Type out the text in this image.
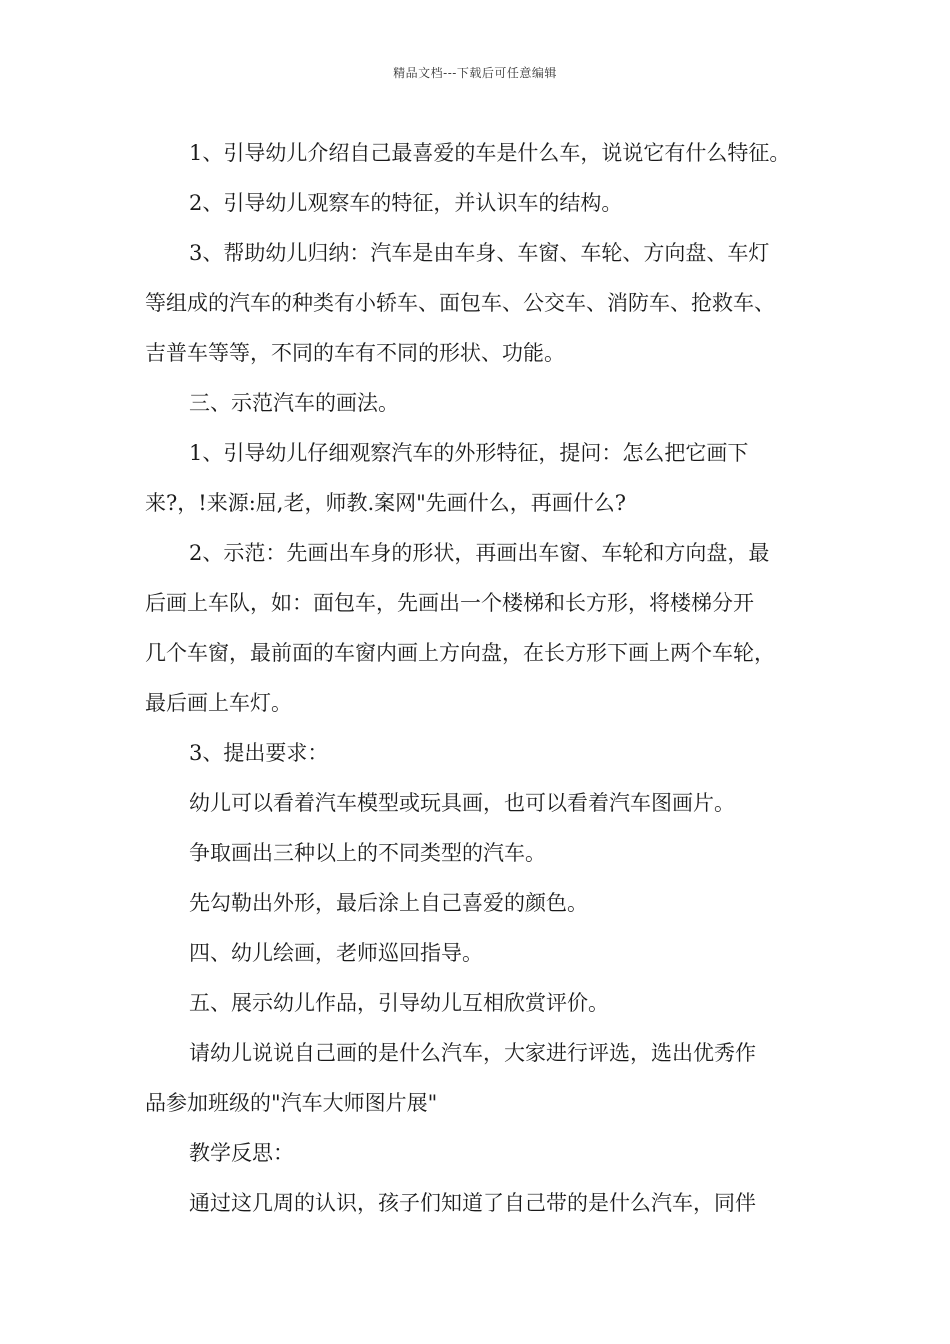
精品文档---下载后可任意编辑

1、引导幼儿介绍自己最喜爱的车是什么车，说说它有什么特征。

2、引导幼儿观察车的特征，并认识车的结构。

3、帮助幼儿归纳：汽车是由车身、车窗、车轮、方向盘、车灯

等组成的汽车的种类有小轿车、面包车、公交车、消防车、抢救车、

吉普车等等，不同的车有不同的形状、功能。

三、示范汽车的画法。

1、引导幼儿仔细观察汽车的外形特征，提问：怎么把它画下

来?，!来源:屈,老，师教.案网"先画什么，再画什么?

2、示范：先画出车身的形状，再画出车窗、车轮和方向盘，最

后画上车队，如：面包车，先画出一个楼梯和长方形，将楼梯分开

几个车窗，最前面的车窗内画上方向盘，在长方形下画上两个车轮，

最后画上车灯。

3、提出要求：

幼儿可以看着汽车模型或玩具画，也可以看着汽车图画片。

争取画出三种以上的不同类型的汽车。

先勾勒出外形，最后涂上自己喜爱的颜色。

四、幼儿绘画，老师巡回指导。

五、展示幼儿作品，引导幼儿互相欣赏评价。

请幼儿说说自己画的是什么汽车，大家进行评选，选出优秀作

品参加班级的"汽车大师图片展"

教学反思：

通过这几周的认识，孩子们知道了自己带的是什么汽车，同伴
